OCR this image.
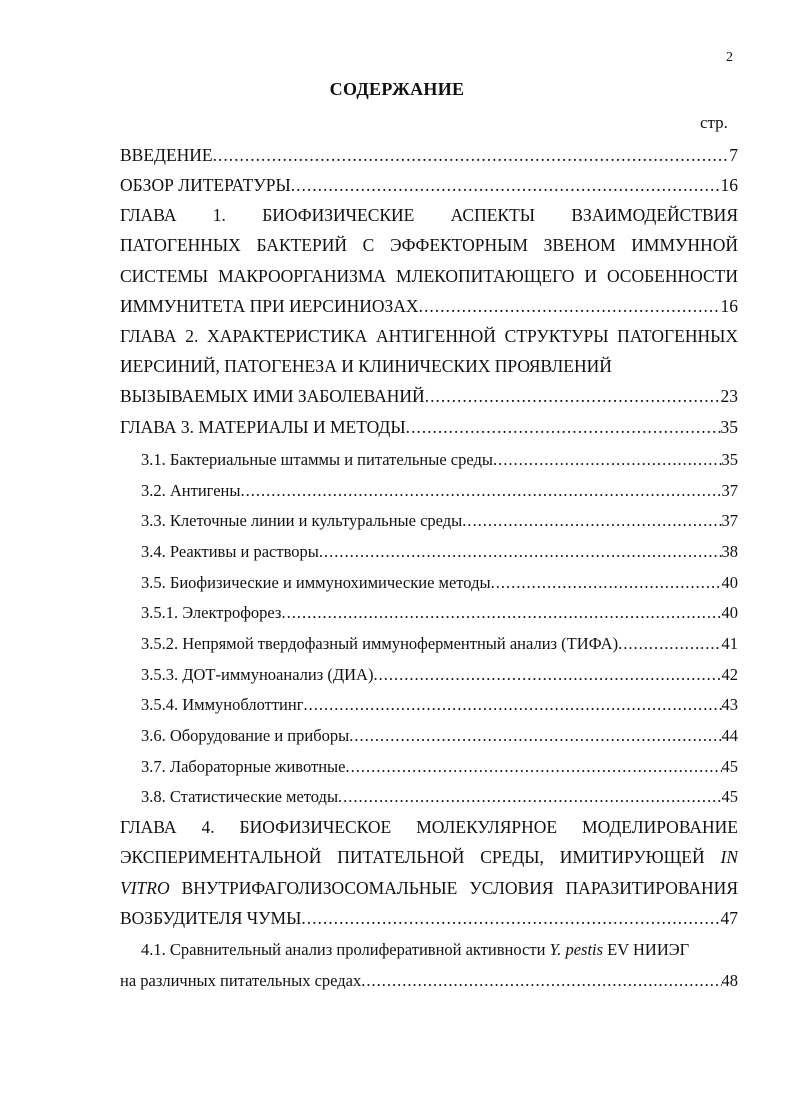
2
СОДЕРЖАНИЕ
стр.
ВВЕДЕНИЕ .....	7
ОБЗОР ЛИТЕРАТУРЫ .....	16
ГЛАВА 1. БИОФИЗИЧЕСКИЕ АСПЕКТЫ ВЗАИМОДЕЙСТВИЯ
ПАТОГЕННЫХ БАКТЕРИЙ С ЭФФЕКТОРНЫМ ЗВЕНОМ ИММУННОЙ
СИСТЕМЫ МАКРООРГАНИЗМА МЛЕКОПИТАЮЩЕГО И ОСОБЕННОСТИ
ИММУНИТЕТА ПРИ ИЕРСИНИОЗАХ .....	16
ГЛАВА 2. ХАРАКТЕРИСТИКА АНТИГЕННОЙ СТРУКТУРЫ ПАТОГЕННЫХ
ИЕРСИНИЙ, ПАТОГЕНЕЗА И КЛИНИЧЕСКИХ ПРОЯВЛЕНИЙ
ВЫЗЫВАЕМЫХ ИМИ ЗАБОЛЕВАНИЙ .....	23
ГЛАВА 3. МАТЕРИАЛЫ И МЕТОДЫ .....	35
3.1. Бактериальные штаммы и питательные среды .....	35
3.2. Антигены .....	37
3.3. Клеточные линии и культуральные среды .....	37
3.4. Реактивы и растворы .....	38
3.5. Биофизические и иммунохимические методы .....	40
3.5.1. Электрофорез .....	40
3.5.2. Непрямой твердофазный иммуноферментный анализ (ТИФА) .....	41
3.5.3. ДОТ-иммуноанализ (ДИА) .....	42
3.5.4. Иммуноблоттинг .....	43
3.6. Оборудование и приборы .....	44
3.7. Лабораторные животные .....	45
3.8. Статистические методы .....	45
ГЛАВА 4. БИОФИЗИЧЕСКОЕ МОЛЕКУЛЯРНОЕ МОДЕЛИРОВАНИЕ
ЭКСПЕРИМЕНТАЛЬНОЙ ПИТАТЕЛЬНОЙ СРЕДЫ, ИМИТИРУЮЩЕЙ IN
VITRO ВНУТРИФАГОЛИЗОСОМАЛЬНЫЕ УСЛОВИЯ ПАРАЗИТИРОВАНИЯ
ВОЗБУДИТЕЛЯ ЧУМЫ .....	47
4.1. Сравнительный анализ пролиферативной активности Y. pestis EV НИИЭГ
на различных питательных средах .....	48
